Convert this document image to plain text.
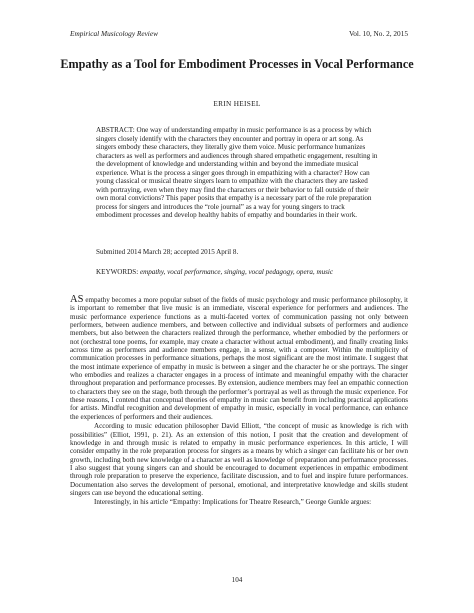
Empirical Musicology Review	Vol. 10, No. 2, 2015
Empathy as a Tool for Embodiment Processes in Vocal Performance
ERIN HEISEL

ABSTRACT: One way of understanding empathy in music performance is as a process by which singers closely identify with the characters they encounter and portray in opera or art song. As singers embody these characters, they literally give them voice. Music performance humanizes characters as well as performers and audiences through shared empathetic engagement, resulting in the development of knowledge and understanding within and beyond the immediate musical experience. What is the process a singer goes through in empathizing with a character? How can young classical or musical theatre singers learn to empathize with the characters they are tasked with portraying, even when they may find the characters or their behavior to fall outside of their own moral convictions? This paper posits that empathy is a necessary part of the role preparation process for singers and introduces the “role journal” as a way for young singers to track embodiment processes and develop healthy habits of empathy and boundaries in their work.

Submitted 2014 March 28; accepted 2015 April 8.

KEYWORDS: empathy, vocal performance, singing, vocal pedagogy, opera, music

AS empathy becomes a more popular subset of the fields of music psychology and music performance philosophy, it is important to remember that live music is an immediate, visceral experience for performers and audiences. The music performance experience functions as a multi-faceted vortex of communication passing not only between performers, between audience members, and between collective and individual subsets of performers and audience members, but also between the characters realized through the performance, whether embodied by the performers or not (orchestral tone poems, for example, may create a character without actual embodiment), and finally creating links across time as performers and audience members engage, in a sense, with a composer. Within the multiplicity of communication processes in performance situations, perhaps the most significant are the most intimate. I suggest that the most intimate experience of empathy in music is between a singer and the character he or she portrays. The singer who embodies and realizes a character engages in a process of intimate and meaningful empathy with the character throughout preparation and performance processes. By extension, audience members may feel an empathic connection to characters they see on the stage, both through the performer’s portrayal as well as through the music experience. For these reasons, I contend that conceptual theories of empathy in music can benefit from including practical applications for artists. Mindful recognition and development of empathy in music, especially in vocal performance, can enhance the experiences of performers and their audiences.

According to music education philosopher David Elliott, “the concept of music as knowledge is rich with possibilities” (Elliot, 1991, p. 21). As an extension of this notion, I posit that the creation and development of knowledge in and through music is related to empathy in music performance experiences. In this article, I will consider empathy in the role preparation process for singers as a means by which a singer can facilitate his or her own growth, including both new knowledge of a character as well as knowledge of preparation and performance processes. I also suggest that young singers can and should be encouraged to document experiences in empathic embodiment through role preparation to preserve the experience, facilitate discussion, and to fuel and inspire future performances. Documentation also serves the development of personal, emotional, and interpretative knowledge and skills student singers can use beyond the educational setting.

Interestingly, in his article “Empathy: Implications for Theatre Research,” George Gunkle argues:

104
